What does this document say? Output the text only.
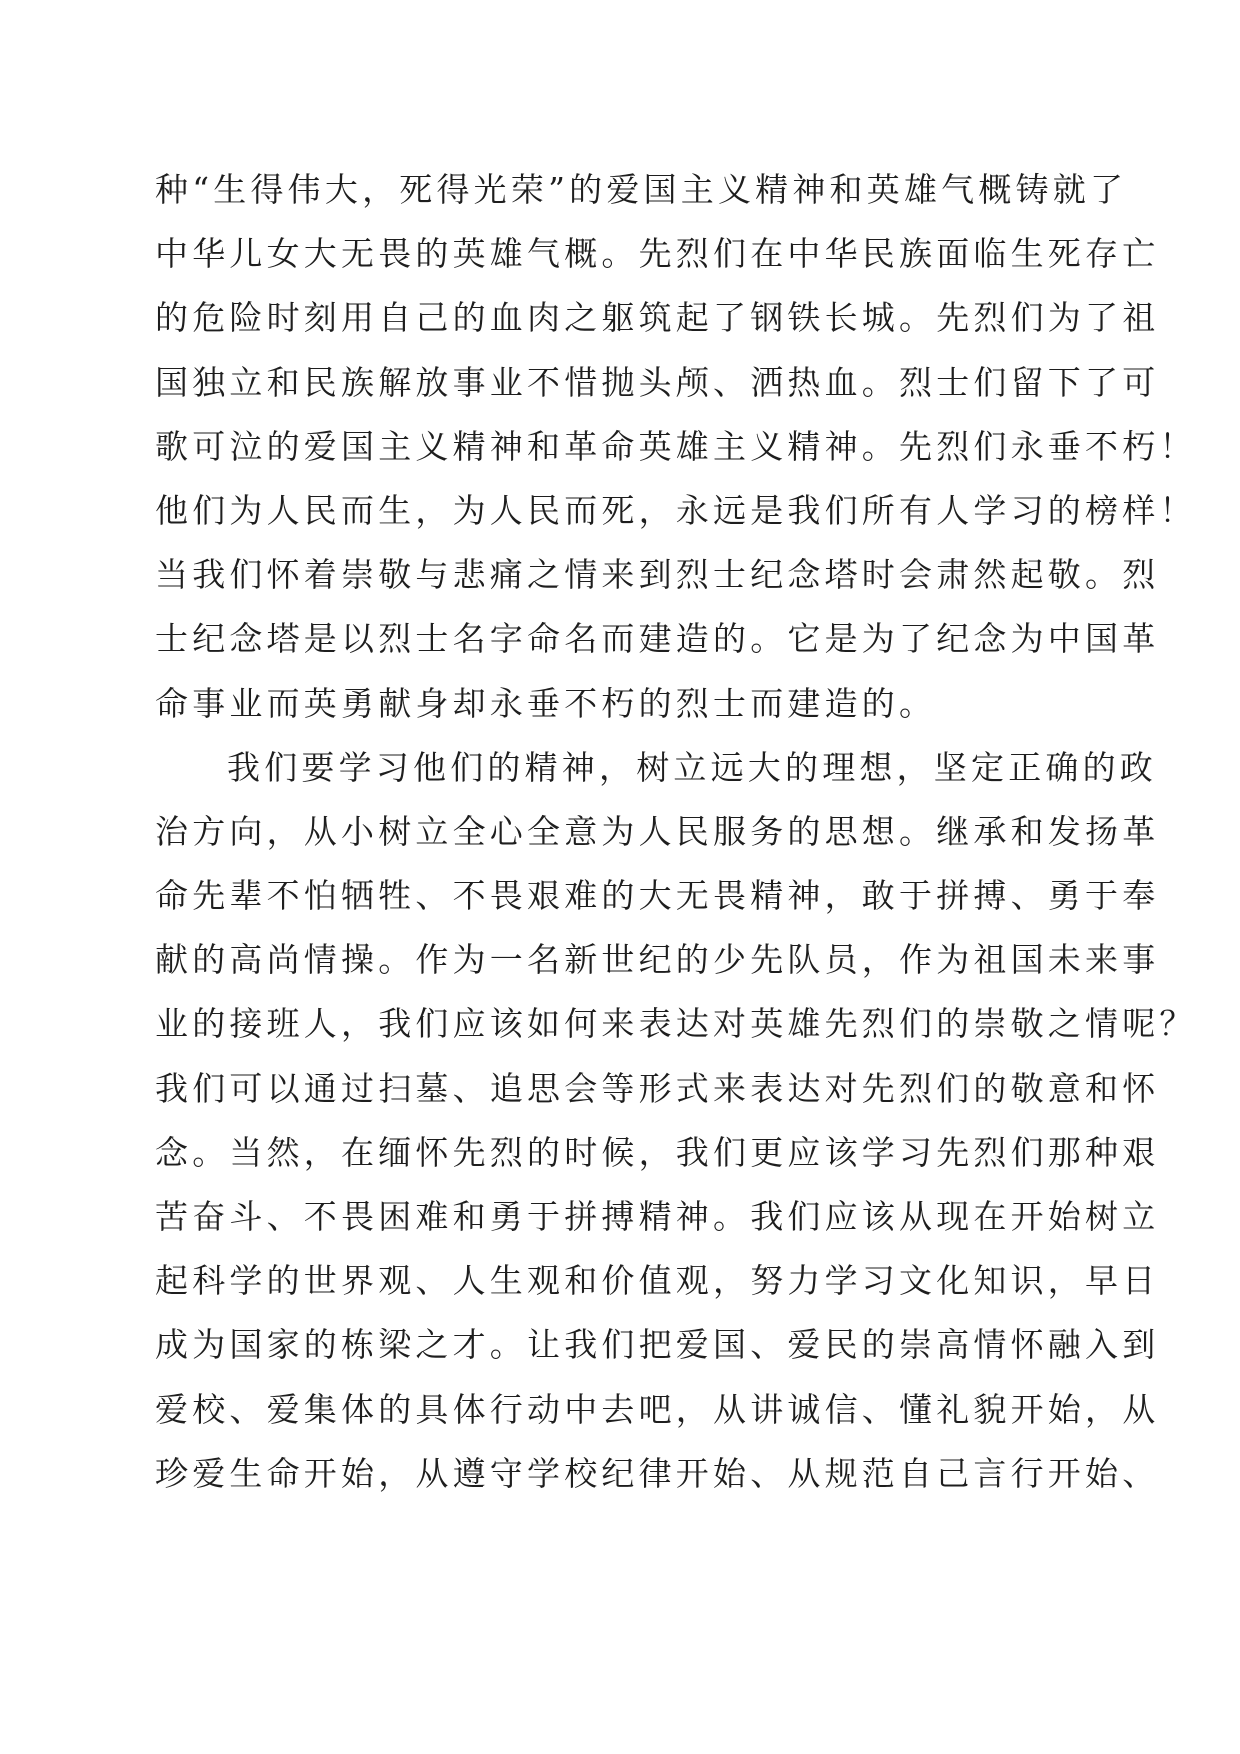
种“生得伟大，死得光荣”的爱国主义精神和英雄气概铸就了
中华儿女大无畏的英雄气概。先烈们在中华民族面临生死存亡
的危险时刻用自己的血肉之躯筑起了钢铁长城。先烈们为了祖
国独立和民族解放事业不惜抛头颅、洒热血。烈士们留下了可
歌可泣的爱国主义精神和革命英雄主义精神。先烈们永垂不朽！
他们为人民而生，为人民而死，永远是我们所有人学习的榜样！
当我们怀着崇敬与悲痛之情来到烈士纪念塔时会肃然起敬。烈
士纪念塔是以烈士名字命名而建造的。它是为了纪念为中国革
命事业而英勇献身却永垂不朽的烈士而建造的。
我们要学习他们的精神，树立远大的理想，坚定正确的政
治方向，从小树立全心全意为人民服务的思想。继承和发扬革
命先辈不怕牺牲、不畏艰难的大无畏精神，敢于拼搏、勇于奉
献的高尚情操。作为一名新世纪的少先队员，作为祖国未来事
业的接班人，我们应该如何来表达对英雄先烈们的崇敬之情呢？
我们可以通过扫墓、追思会等形式来表达对先烈们的敬意和怀
念。当然，在缅怀先烈的时候，我们更应该学习先烈们那种艰
苦奋斗、不畏困难和勇于拼搏精神。我们应该从现在开始树立
起科学的世界观、人生观和价值观，努力学习文化知识，早日
成为国家的栋梁之才。让我们把爱国、爱民的崇高情怀融入到
爱校、爱集体的具体行动中去吧，从讲诚信、懂礼貌开始，从
珍爱生命开始，从遵守学校纪律开始、从规范自己言行开始、
